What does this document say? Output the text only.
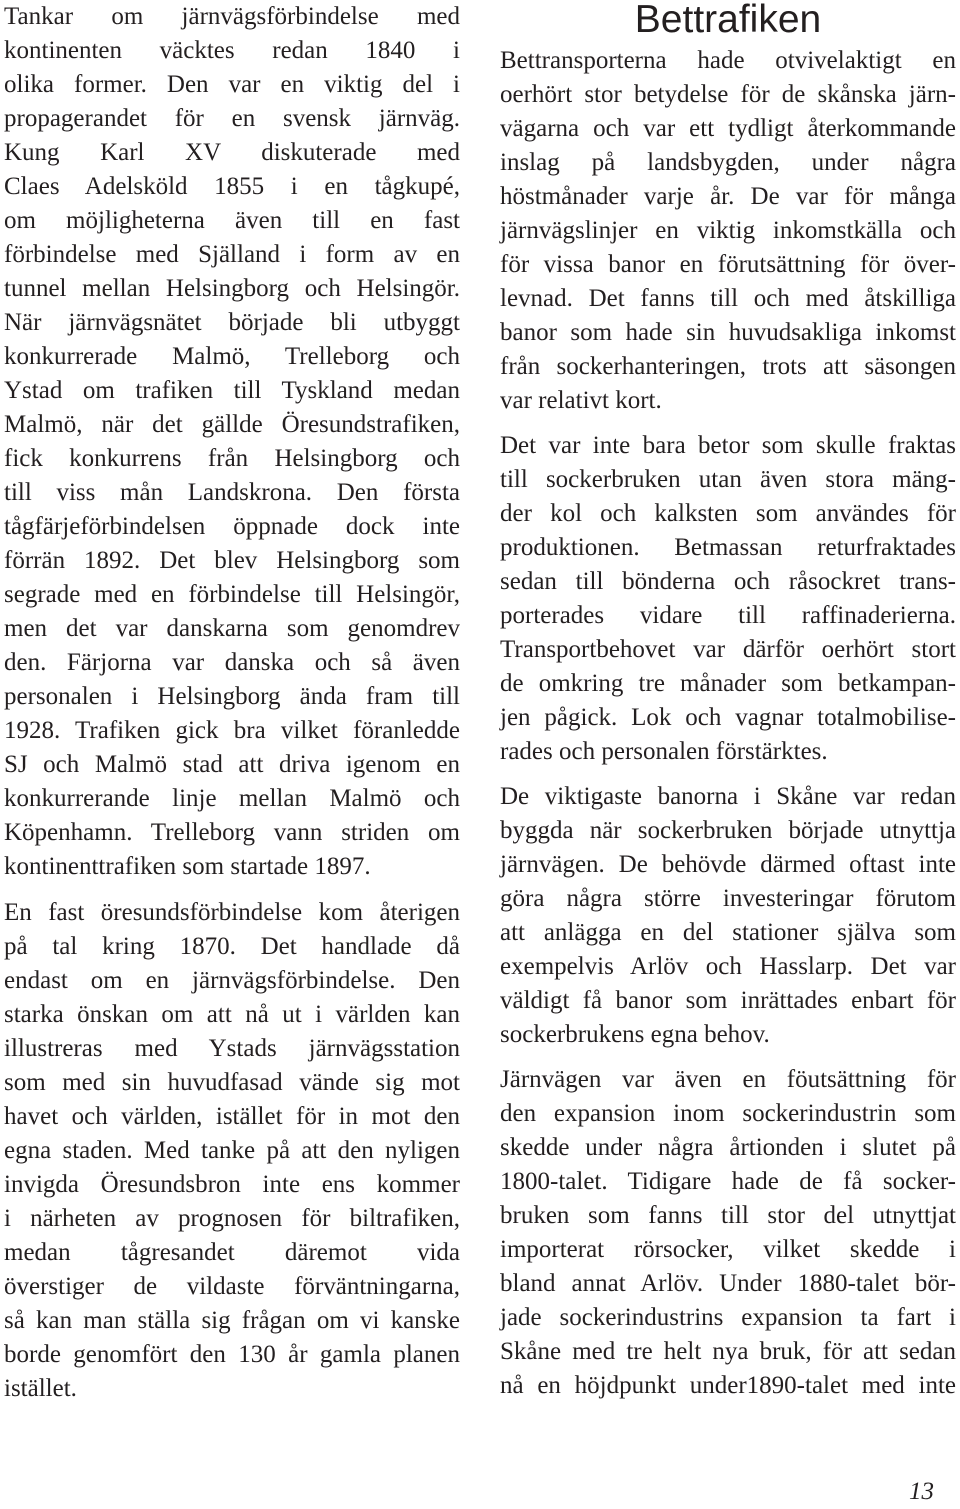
Tankar om järnvägsförbindelse med
kontinenten väcktes redan 1840 i
olika former. Den var en viktig del i
propagerandet för en svensk järnväg.
Kung Karl XV diskuterade med
Claes Adelsköld 1855 i en tågkupé,
om möjligheterna även till en fast
förbindelse med Själland i form av en
tunnel mellan Helsingborg och Helsingör.
När järnvägsnätet började bli utbyggt
konkurrerade Malmö, Trelleborg och
Ystad om trafiken till Tyskland medan
Malmö, när det gällde Öresundstrafiken,
fick konkurrens från Helsingborg och
till viss mån Landskrona. Den första
tågfärjeförbindelsen öppnade dock inte
förrän 1892. Det blev Helsingborg som
segrade med en förbindelse till Helsingör,
men det var danskarna som genomdrev
den. Färjorna var danska och så även
personalen i Helsingborg ända fram till
1928. Trafiken gick bra vilket föranledde
SJ och Malmö stad att driva igenom en
konkurrerande linje mellan Malmö och
Köpenhamn. Trelleborg vann striden om
kontinenttrafiken som startade 1897.
En fast öresundsförbindelse kom återigen
på tal kring 1870. Det handlade då
endast om en järnvägsförbindelse. Den
starka önskan om att nå ut i världen kan
illustreras med Ystads järnvägsstation
som med sin huvudfasad vände sig mot
havet och världen, istället för in mot den
egna staden. Med tanke på att den nyligen
invigda Öresundsbron inte ens kommer
i närheten av prognosen för biltrafiken,
medan tågresandet däremot vida
överstiger de vildaste förväntningarna,
så kan man ställa sig frågan om vi kanske
borde genomfört den 130 år gamla planen
istället.
Bettrafiken
Bettransporterna hade otvivelaktigt en
oerhört stor betydelse för de skånska järn-
vägarna och var ett tydligt återkommande
inslag på landsbygden, under några
höstmånader varje år. De var för många
järnvägslinjer en viktig inkomstkälla och
för vissa banor en förutsättning för över-
levnad. Det fanns till och med åtskilliga
banor som hade sin huvudsakliga inkomst
från sockerhanteringen, trots att säsongen
var relativt kort.
Det var inte bara betor som skulle fraktas
till sockerbruken utan även stora mäng-
der kol och kalksten som användes för
produktionen. Betmassan returfraktades
sedan till bönderna och råsockret trans-
porterades vidare till raffinaderierna.
Transportbehovet var därför oerhört stort
de omkring tre månader som betkampan-
jen pågick. Lok och vagnar totalmobilise-
rades och personalen förstärktes.
De viktigaste banorna i Skåne var redan
byggda när sockerbruken började utnyttja
järnvägen. De behövde därmed oftast inte
göra några större investeringar förutom
att anlägga en del stationer själva som
exempelvis Arlöv och Hasslarp. Det var
väldigt få banor som inrättades enbart för
sockerbrukens egna behov.
Järnvägen var även en föutsättning för
den expansion inom sockerindustrin som
skedde under några årtionden i slutet på
1800-talet. Tidigare hade de få socker-
bruken som fanns till stor del utnyttjat
importerat rörsocker, vilket skedde i
bland annat Arlöv. Under 1880-talet bör-
jade sockerindustrins expansion ta fart i
Skåne med tre helt nya bruk, för att sedan
nå en höjdpunkt under1890-talet med inte
13
